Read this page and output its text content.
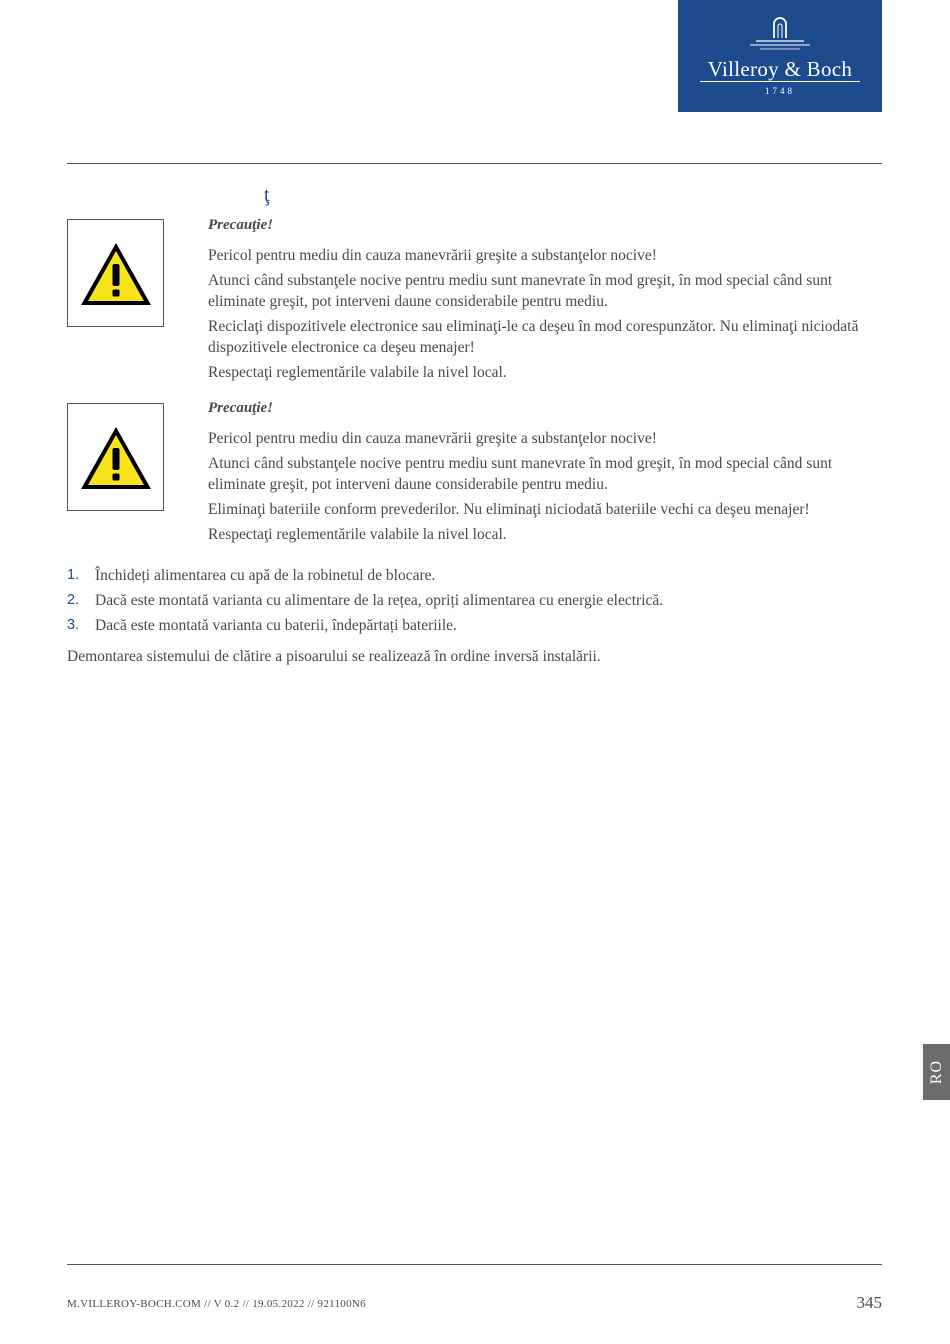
Villeroy & Boch
1748
ţ

Precauţie!

Pericol pentru mediu din cauza manevrării greşite a substanţelor nocive!

Atunci când substanţele nocive pentru mediu sunt manevrate în mod greşit, în mod special când sunt eliminate greşit, pot interveni daune considerabile pentru mediu.

Reciclaţi dispozitivele electronice sau eliminaţi-le ca deşeu în mod corespunzător. Nu eliminaţi niciodată dispozitivele electronice ca deşeu menajer!

Respectaţi reglementările valabile la nivel local.

Precauţie!

Pericol pentru mediu din cauza manevrării greşite a substanţelor nocive!

Atunci când substanţele nocive pentru mediu sunt manevrate în mod greşit, în mod special când sunt eliminate greşit, pot interveni daune considerabile pentru mediu.

Eliminaţi bateriile conform prevederilor. Nu eliminaţi niciodată bateriile vechi ca deşeu menajer!

Respectaţi reglementările valabile la nivel local.

1.	Închideți alimentarea cu apă de la robinetul de blocare.
2.	Dacă este montată varianta cu alimentare de la rețea, opriți alimentarea cu energie electrică.
3.	Dacă este montată varianta cu baterii, îndepărtați bateriile.

Demontarea sistemului de clătire a pisoarului se realizează în ordine inversă instalării.

RO
M.VILLEROY-BOCH.COM // V 0.2 // 19.05.2022 // 921100N6	345
